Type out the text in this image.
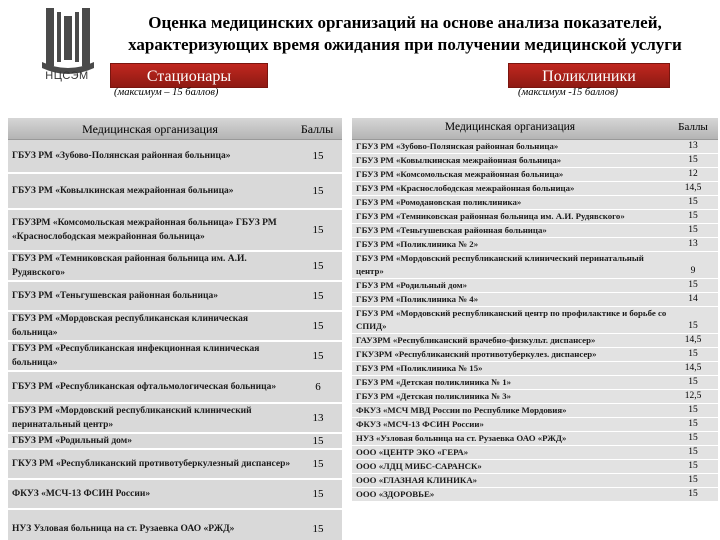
НЦСЭМ
Оценка медицинских организаций на основе анализа показателей,
характеризующих время ожидания при получении медицинской услуги
Стационары
(максимум – 15 баллов)
Поликлиники
(максимум -15 баллов)
Медицинская организация	Баллы
ГБУЗ РМ «Зубово-Полянская районная больница»	15
ГБУЗ РМ «Ковылкинская межрайонная больница»	15
ГБУЗРМ «Комсомольская межрайонная больница» ГБУЗ РМ «Краснослободская межрайонная больница»
15
ГБУЗ РМ «Темниковская районная больница им. А.И. Рудявского»
15
ГБУЗ РМ «Теньгушевская районная больница»	15
ГБУЗ РМ «Мордовская республиканская клиническая больница»
15
ГБУЗ РМ «Республиканская инфекционная клиническая больница»
15
ГБУЗ РМ «Республиканская офтальмологическая больница»	6
ГБУЗ РМ «Мордовский республиканский клинический перинатальный центр»
13
ГБУЗ РМ «Родильный дом»	15
ГКУЗ РМ «Республиканский противотуберкулезный диспансер»	15
ФКУЗ «МСЧ-13 ФСИН России»	15
НУЗ Узловая больница на ст. Рузаевка ОАО «РЖД»	15
Медицинская организация	Баллы
ГБУЗ РМ «Зубово-Полянская районная больница»	13
ГБУЗ РМ «Ковылкинская межрайонная больница»	15
ГБУЗ РМ «Комсомольская межрайонная больница»	12
ГБУЗ РМ «Краснослободская межрайонная больница»	14,5
ГБУЗ РМ «Ромодановская поликлиника»	15
ГБУЗ РМ «Темниковская районная больница им. А.И. Рудявского»	15
ГБУЗ РМ «Теньгушевская районная больница»	15
ГБУЗ РМ «Поликлиника № 2»	13
ГБУЗ РМ «Мордовский республиканский клинический перинатальный центр»	9
ГБУЗ РМ «Родильный дом»	15
ГБУЗ РМ «Поликлиника № 4»	14
ГБУЗ РМ «Мордовский республиканский центр по профилактике и борьбе со СПИД»	15
ГАУЗРМ «Республиканский врачебно-физкульт. диспансер»	14,5
ГКУЗРМ «Республиканский противотуберкулез. диспансер»	15
ГБУЗ РМ «Поликлиника № 15»	14,5
ГБУЗ РМ «Детская поликлиника № 1»	15
ГБУЗ РМ «Детская поликлиника № 3»	12,5
ФКУЗ «МСЧ МВД России по Республике Мордовия»	15
ФКУЗ «МСЧ-13 ФСИН России»	15
НУЗ «Узловая больница на ст. Рузаевка ОАО «РЖД»	15
ООО «ЦЕНТР ЭКО «ГЕРА»	15
ООО «ЛДЦ МИБС-САРАНСК»	15
ООО «ГЛАЗНАЯ КЛИНИКА»	15
ООО «ЗДОРОВЬЕ»	15
